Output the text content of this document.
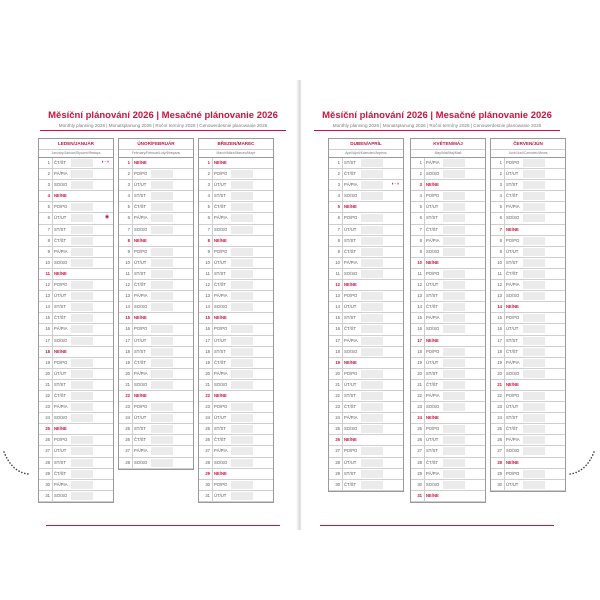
Měsíční plánování 2026 | Mesačné plánovanie 2026
Monthly planning 2026 | Monatsplanung 2026 | Roční termíny 2026 | Cenowerdesnie planowanie 2026
LEDEN/JANUÁR
January/Januar/Styczeń/Январь
1 ČT/ŠT	◐-◑
2 PÁ/PIA
3 SO/SO
4 NE/NE
5 PO/PO
6 ÚT/UT	◉
7 ST/ST
8 ČT/ŠT
9 PÁ/PIA
10 SO/SO
11 NE/NE
12 PO/PO
13 ÚT/UT
14 ST/ST
15 ČT/ŠT
16 PÁ/PIA
17 SO/SO
18 NE/NE
19 PO/PO
20 ÚT/UT
21 ST/ST
22 ČT/ŠT
23 PÁ/PIA
24 SO/SO
25 NE/NE
26 PO/PO
27 ÚT/UT
28 ST/ST
29 ČT/ŠT
30 PÁ/PIA
31 SO/SO
ÚNOR/FEBRUÁR
February/Februar/Luty/Февраль
1 NE/NE
2 PO/PO
3 ÚT/UT
4 ST/ST
5 ČT/ŠT
6 PÁ/PIA
7 SO/SO
8 NE/NE
9 PO/PO
10 ÚT/UT
11 ST/ST
12 ČT/ŠT
13 PÁ/PIA
14 SO/SO
15 NE/NE
16 PO/PO
17 ÚT/UT
18 ST/ST
19 ČT/ŠT
20 PÁ/PIA
21 SO/SO
22 NE/NE
23 PO/PO
24 ÚT/UT
25 ST/ST
26 ČT/ŠT
27 PÁ/PIA
28 SO/SO
BŘEZEN/MAREC
March/März/Marzec/Март
1 NE/NE
2 PO/PO
3 ÚT/UT
4 ST/ST
5 ČT/ŠT
6 PÁ/PIA
7 SO/SO
8 NE/NE
9 PO/PO
10 ÚT/UT
11 ST/ST
12 ČT/ŠT
13 PÁ/PIA
14 SO/SO
15 NE/NE
16 PO/PO
17 ÚT/UT
18 ST/ST
19 ČT/ŠT
20 PÁ/PIA
21 SO/SO
22 NE/NE
23 PO/PO
24 ÚT/UT
25 ST/ST
26 ČT/ŠT
27 PÁ/PIA
28 SO/SO
29 NE/NE
30 PO/PO
31 ÚT/UT
Měsíční plánování 2026 | Mesačné plánovanie 2026
Monthly planning 2026 | Monatsplanung 2026 | Roční termíny 2026 | Cenowerdesnie planowanie 2026
DUBEN/APRÍL
April/April/Kwiecień/Апрель
1 ST/ST
2 ČT/ŠT
3 PÁ/PIA	◐-◑
4 SO/SO
5 NE/NE
6 PO/PO
7 ÚT/UT
8 ST/ST
9 ČT/ŠT
10 PÁ/PIA
11 SO/SO
12 NE/NE
13 PO/PO
14 ÚT/UT
15 ST/ST
16 ČT/ŠT
17 PÁ/PIA
18 SO/SO
19 NE/NE
20 PO/PO
21 ÚT/UT
22 ST/ST
23 ČT/ŠT
24 PÁ/PIA
25 SO/SO
26 NE/NE
27 PO/PO
28 ÚT/UT
29 ST/ST
30 ČT/ŠT
KVĚTEN/MÁJ
May/Mai/Maj/Май
1 PÁ/PIA
2 SO/SO
3 NE/NE
4 PO/PO
5 ÚT/UT
6 ST/ST
7 ČT/ŠT
8 PÁ/PIA
9 SO/SO
10 NE/NE
11 PO/PO
12 ÚT/UT
13 ST/ST
14 ČT/ŠT
15 PÁ/PIA
16 SO/SO
17 NE/NE
18 PO/PO
19 ÚT/UT
20 ST/ST
21 ČT/ŠT
22 PÁ/PIA
23 SO/SO
24 NE/NE
25 PO/PO
26 ÚT/UT
27 ST/ST
28 ČT/ŠT
29 PÁ/PIA
30 SO/SO
31 NE/NE
ČERVEN/JÚN
June/Juni/Czerwiec/Июнь
1 PO/PO
2 ÚT/UT
3 ST/ST
4 ČT/ŠT
5 PÁ/PIA
6 SO/SO
7 NE/NE
8 PO/PO
9 ÚT/UT
10 ST/ST
11 ČT/ŠT
12 PÁ/PIA
13 SO/SO
14 NE/NE
15 PO/PO
16 ÚT/UT
17 ST/ST
18 ČT/ŠT
19 PÁ/PIA
20 SO/SO
21 NE/NE
22 PO/PO
23 ÚT/UT
24 ST/ST
25 ČT/ŠT
26 PÁ/PIA
27 SO/SO
28 NE/NE
29 PO/PO
30 ÚT/UT
